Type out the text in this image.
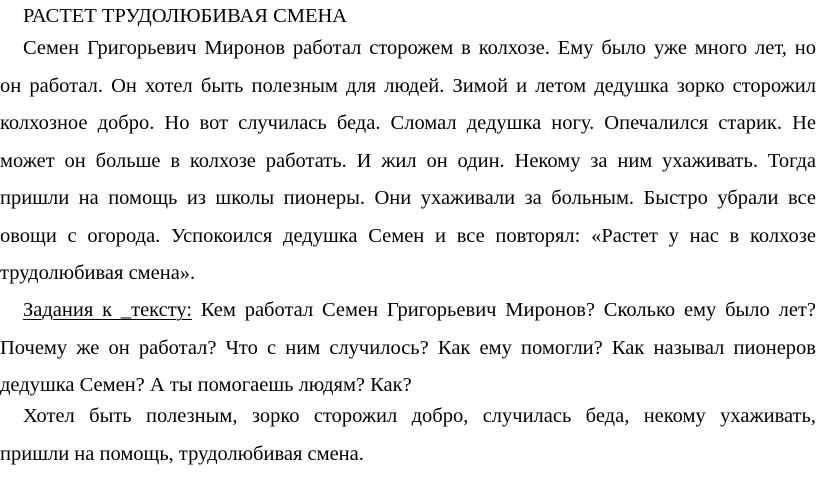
РАСТЕТ ТРУДОЛЮБИВАЯ СМЕНА
Семен Григорьевич Миронов работал сторожем в колхозе. Ему было уже много лет, но
он работал. Он хотел быть полезным для людей. Зимой и летом дедушка зорко сторожил
колхозное добро. Но вот случилась беда. Сломал дедушка ногу. Опечалился старик. Не
может он больше в колхозе работать. И жил он один. Некому за ним ухаживать. Тогда
пришли на помощь из школы пионеры. Они ухаживали за больным. Быстро убрали все
овощи с огорода. Успокоился дедушка Семен и все повторял: «Растет у нас в колхозе
трудолюбивая смена».
Задания к _тексту: Кем работал Семен Григорьевич Миронов? Сколько ему было лет?
Почему же он работал? Что с ним случилось? Как ему помогли? Как называл пионеров
дедушка Семен? А ты помогаешь людям? Как?
Хотел быть полезным, зорко сторожил добро, случилась беда, некому ухаживать,
пришли на помощь, трудолюбивая смена.
